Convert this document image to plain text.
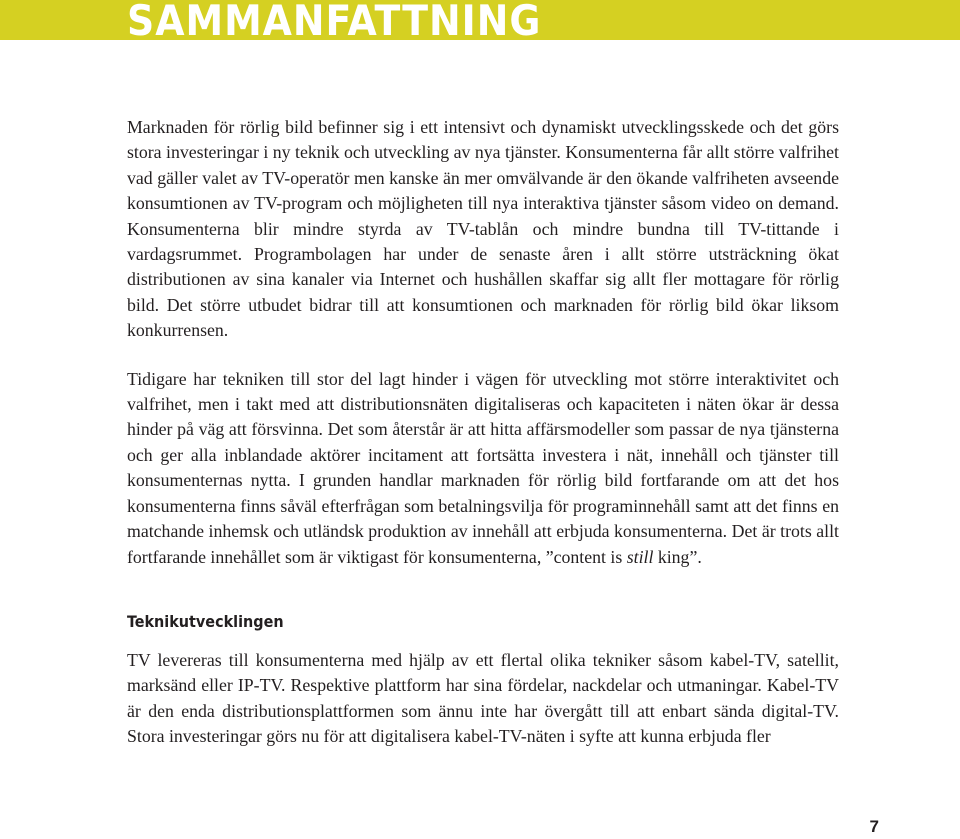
SAMMANFATTNING

Marknaden för rörlig bild befinner sig i ett intensivt och dynamiskt utvecklingsskede och det görs stora investeringar i ny teknik och utveckling av nya tjänster. Konsumenterna får allt större valfrihet vad gäller valet av TV-operatör men kanske än mer omvälvande är den ökande valfriheten avseende konsumtionen av TV-program och möjligheten till nya interaktiva tjänster såsom video on demand. Konsumenterna blir mindre styrda av TV-tablån och mindre bundna till TV-tittande i vardagsrummet. Programbolagen har under de senaste åren i allt större utsträckning ökat distributionen av sina kanaler via Internet och hushållen skaffar sig allt fler mottagare för rörlig bild. Det större utbudet bidrar till att konsumtionen och marknaden för rörlig bild ökar liksom konkurrensen.

Tidigare har tekniken till stor del lagt hinder i vägen för utveckling mot större interaktivitet och valfrihet, men i takt med att distributionsnäten digitaliseras och kapaciteten i näten ökar är dessa hinder på väg att försvinna. Det som återstår är att hitta affärsmodeller som passar de nya tjänsterna och ger alla inblandade aktörer incitament att fortsätta investera i nät, innehåll och tjänster till konsumenternas nytta. I grunden handlar marknaden för rörlig bild fortfarande om att det hos konsumenterna finns såväl efterfrågan som betalningsvilja för programinnehåll samt att det finns en matchande inhemsk och utländsk produktion av innehåll att erbjuda konsumenterna. Det är trots allt fortfarande innehållet som är viktigast för konsumenterna, ”content is still king”.

Teknikutvecklingen

TV levereras till konsumenterna med hjälp av ett flertal olika tekniker såsom kabel-TV, satellit, marksänd eller IP-TV. Respektive plattform har sina fördelar, nackdelar och utmaningar. Kabel-TV är den enda distributionsplattformen som ännu inte har övergått till att enbart sända digital-TV. Stora investeringar görs nu för att digitalisera kabel-TV-näten i syfte att kunna erbjuda fler

7
